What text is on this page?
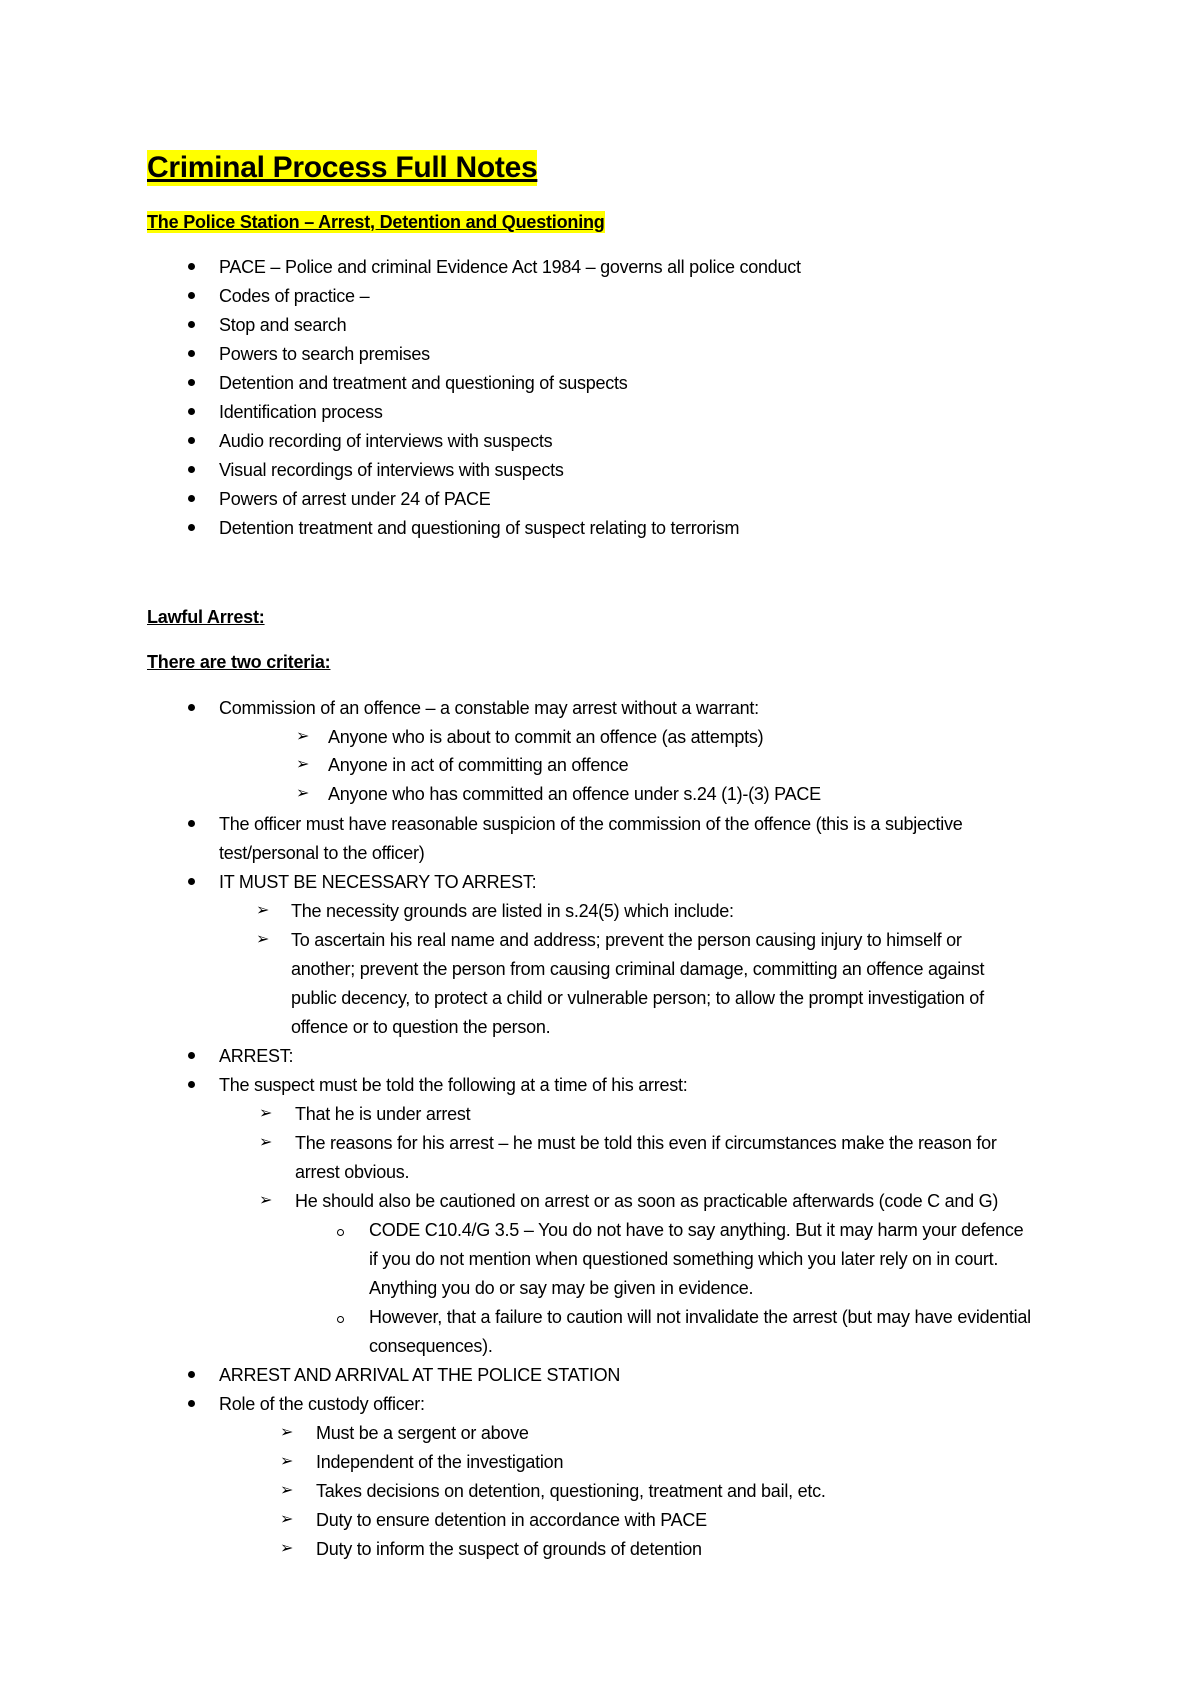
Criminal Process Full Notes
The Police Station – Arrest, Detention and Questioning
PACE – Police and criminal Evidence Act 1984 – governs all police conduct
Codes of practice –
Stop and search
Powers to search premises
Detention and treatment and questioning of suspects
Identification process
Audio recording of interviews with suspects
Visual recordings of interviews with suspects
Powers of arrest under 24 of PACE
Detention treatment and questioning of suspect relating to terrorism
Lawful Arrest:
There are two criteria:
Commission of an offence – a constable may arrest without a warrant:
➢ Anyone who is about to commit an offence (as attempts)
➢ Anyone in act of committing an offence
➢ Anyone who has committed an offence under s.24 (1)-(3) PACE
The officer must have reasonable suspicion of the commission of the offence (this is a subjective
test/personal to the officer)
IT MUST BE NECESSARY TO ARREST:
➢ The necessity grounds are listed in s.24(5) which include:
➢ To ascertain his real name and address; prevent the person causing injury to himself or
another; prevent the person from causing criminal damage, committing an offence against
public decency, to protect a child or vulnerable person; to allow the prompt investigation of
offence or to question the person.
ARREST:
The suspect must be told the following at a time of his arrest:
➢ That he is under arrest
➢ The reasons for his arrest – he must be told this even if circumstances make the reason for
arrest obvious.
➢ He should also be cautioned on arrest or as soon as practicable afterwards (code C and G)
CODE C10.4/G 3.5 – You do not have to say anything. But it may harm your defence
if you do not mention when questioned something which you later rely on in court.
Anything you do or say may be given in evidence.
However, that a failure to caution will not invalidate the arrest (but may have evidential
consequences).
ARREST AND ARRIVAL AT THE POLICE STATION
Role of the custody officer:
➢ Must be a sergent or above
➢ Independent of the investigation
➢ Takes decisions on detention, questioning, treatment and bail, etc.
➢ Duty to ensure detention in accordance with PACE
➢ Duty to inform the suspect of grounds of detention
